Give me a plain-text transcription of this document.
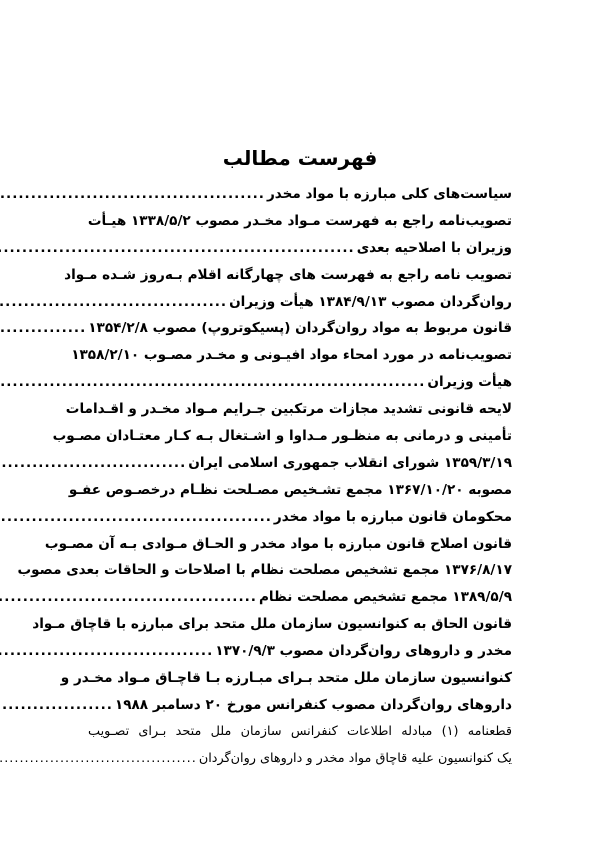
فهرست مطالب
سیاست‌های کلی مبارزه با مواد مخدر
.....
تصویب‌نامه راجع به فهرست مـواد مخـدر مصوب ۱۳۳۸/۵/۲ هیـأت
وزیران با اصلاحیه بعدی
.....
تصویب نامه راجع به فهرست های چهارگانه اقلام بـه‌روز شـده مـواد
روان‌گردان مصوب ۱۳۸۴/۹/۱۳ هیأت وزیران
.....
قانون مربوط به مواد روان‌گردان (پسیکوتروپ) مصوب ۱۳۵۴/۲/۸
.....
تصویب‌نامه در مورد امحاء مواد افیـونی و مخـدر مصـوب ۱۳۵۸/۲/۱۰
هیأت وزیران
.....
لایحه قانونی تشدید مجازات مرتکبین جـرایم مـواد مخـدر و اقـدامات
تأمینی و درمانی به منظـور مـداوا و اشـتغال بـه کـار معتـادان مصـوب
۱۳۵۹/۳/۱۹ شورای انقلاب جمهوری اسلامی ایران
.....
مصوبه ۱۳۶۷/۱۰/۲۰ مجمع تشـخیص مصـلحت نظـام درخصـوص عفـو
محکومان قانون مبارزه با مواد مخدر
.....
قانون اصلاح قانون مبارزه با مواد مخدر و الحـاق مـوادی بـه آن مصـوب
۱۳۷۶/۸/۱۷ مجمع تشخیص مصلحت نظام با اصلاحات و الحاقات بعدی مصوب
۱۳۸۹/۵/۹ مجمع تشخیص مصلحت نظام
.....
قانون الحاق به کنوانسیون سازمان ملل متحد برای مبارزه با قاچاق مـواد
مخدر و داروهای روان‌گردان مصوب ۱۳۷۰/۹/۳
.....
کنوانسیون سازمان ملل متحد بـرای مبـارزه بـا قاچـاق مـواد مخـدر و
داروهای روان‌گردان مصوب کنفرانس مورخ ۲۰ دسامبر ۱۹۸۸
.....
قطعنامه (۱) مبادله اطلاعات کنفرانس سازمان ملل متحد بـرای تصـویب
یک کنوانسیون علیه قاچاق مواد مخدر و داروهای روان‌گردان
.....
